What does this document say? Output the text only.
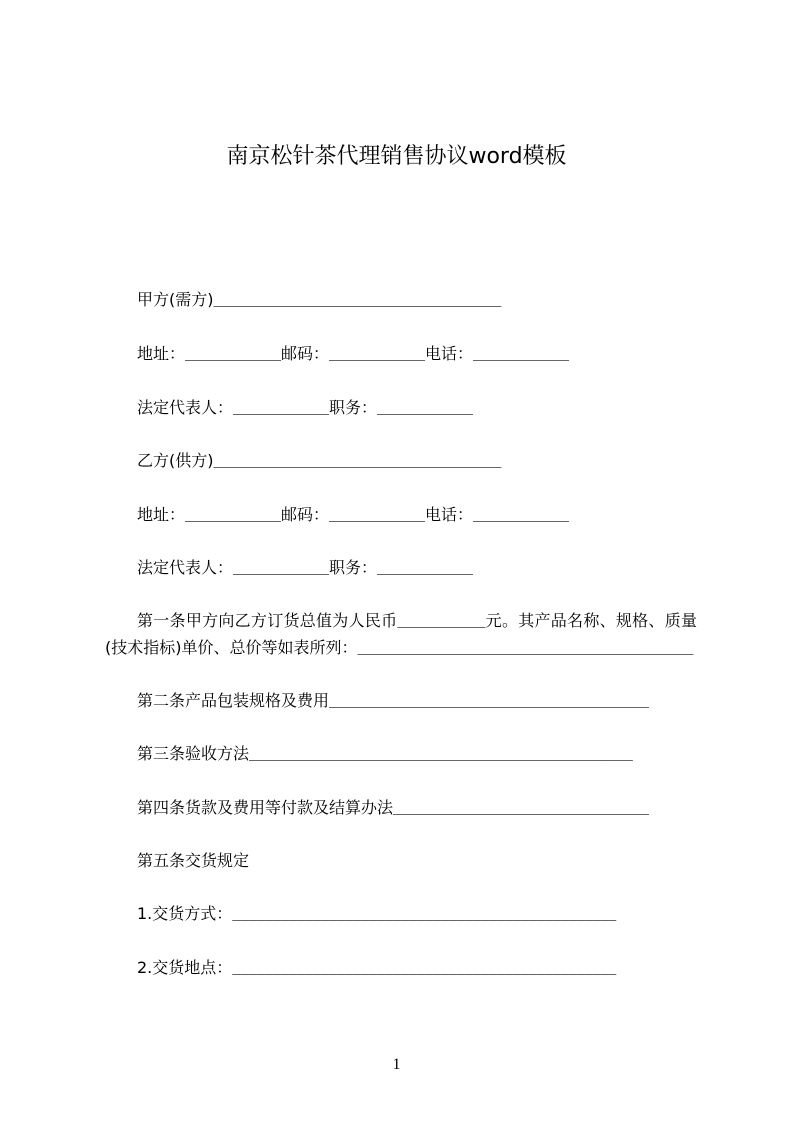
南京松针茶代理销售协议word模板
甲方(需方)____________________________________
地址：____________邮码：____________电话：____________
法定代表人：____________职务：____________
乙方(供方)____________________________________
地址：____________邮码：____________电话：____________
法定代表人：____________职务：____________
第一条甲方向乙方订货总值为人民币___________元。其产品名称、规格、质量
(技术指标)单价、总价等如表所列：__________________________________________
第二条产品包装规格及费用________________________________________
第三条验收方法________________________________________________
第四条货款及费用等付款及结算办法________________________________
第五条交货规定
1.交货方式：________________________________________________
2.交货地点：________________________________________________
1
